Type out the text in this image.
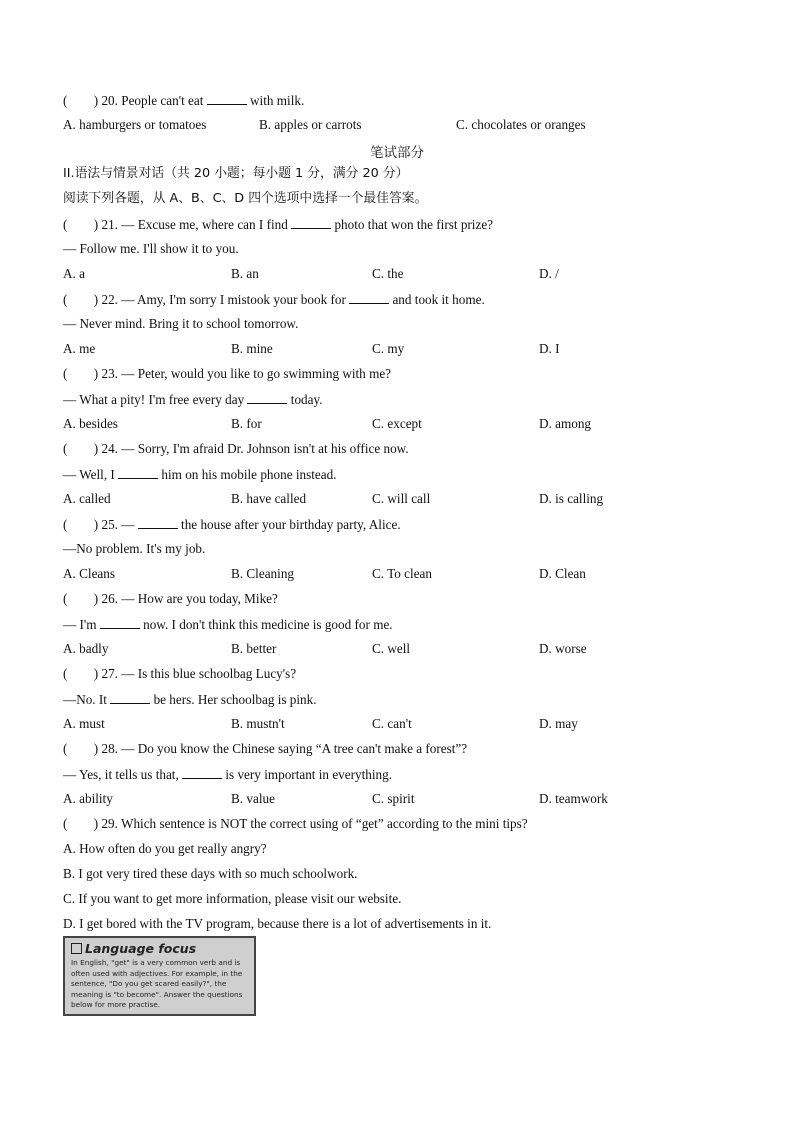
(        ) 20. People can't eat	with milk.
A. hamburgers or tomatoes	B. apples or carrots	C. chocolates or oranges
笔试部分
II.语法与情景对话（共 20 小题；每小题 1 分，满分 20 分）
阅读下列各题，从 A、B、C、D 四个选项中选择一个最佳答案。
(        ) 21. — Excuse me, where can I find	photo that won the first prize?
— Follow me. I'll show it to you.
A. a	B. an	C. the	D. /
(        ) 22. — Amy, I'm sorry I mistook your book for	and took it home.
— Never mind. Bring it to school tomorrow.
A. me	B. mine	C. my	D. I
(        ) 23. — Peter, would you like to go swimming with me?
— What a pity! I'm free every day	today.
A. besides	B. for	C. except	D. among
(        ) 24. — Sorry, I'm afraid Dr. Johnson isn't at his office now.
— Well, I	him on his mobile phone instead.
A. called	B. have called	C. will call	D. is calling
(        ) 25. —	the house after your birthday party, Alice.
—No problem. It's my job.
A. Cleans	B. Cleaning	C. To clean	D. Clean
(        ) 26. — How are you today, Mike?
— I'm	now. I don't think this medicine is good for me.
A. badly	B. better	C. well	D. worse
(        ) 27. — Is this blue schoolbag Lucy's?
—No. It	be hers. Her schoolbag is pink.
A. must	B. mustn't	C. can't	D. may
(        ) 28. — Do you know the Chinese saying “A tree can't make a forest”?
— Yes, it tells us that,	is very important in everything.
A. ability	B. value	C. spirit	D. teamwork
(        ) 29. Which sentence is NOT the correct using of “get” according to the mini tips?
A. How often do you get really angry?
B. I got very tired these days with so much schoolwork.
C. If you want to get more information, please visit our website.
D. I get bored with the TV program, because there is a lot of advertisements in it.
Language focus
In English, "get" is a very common verb and is often used with adjectives. For example, in the sentence, "Do you get scared easily?", the meaning is "to become". Answer the questions below for more practise.
